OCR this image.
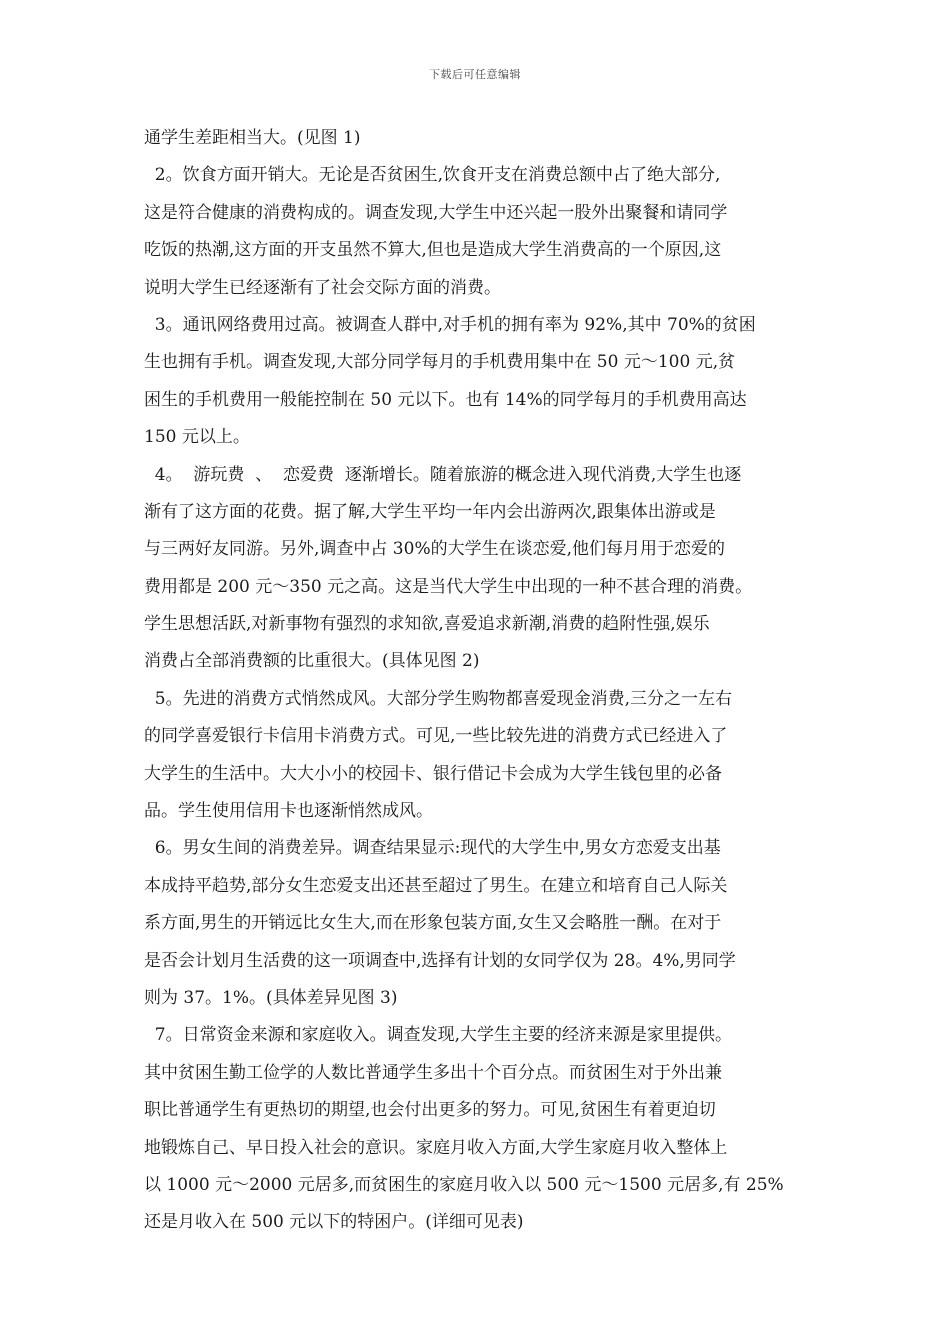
下载后可任意编辑
通学生差距相当大。(见图 1)
2。饮食方面开销大。无论是否贫困生,饮食开支在消费总额中占了绝大部分,
这是符合健康的消费构成的。调查发现,大学生中还兴起一股外出聚餐和请同学
吃饭的热潮,这方面的开支虽然不算大,但也是造成大学生消费高的一个原因,这
说明大学生已经逐渐有了社会交际方面的消费。
3。通讯网络费用过高。被调查人群中,对手机的拥有率为 92%,其中 70%的贫困
生也拥有手机。调查发现,大部分同学每月的手机费用集中在 50 元～100 元,贫
困生的手机费用一般能控制在 50 元以下。也有 14%的同学每月的手机费用高达
150 元以上。
4。  游玩费  、  恋爱费  逐渐增长。随着旅游的概念进入现代消费,大学生也逐
渐有了这方面的花费。据了解,大学生平均一年内会出游两次,跟集体出游或是
与三两好友同游。另外,调查中占 30%的大学生在谈恋爱,他们每月用于恋爱的
费用都是 200 元～350 元之高。这是当代大学生中出现的一种不甚合理的消费。
学生思想活跃,对新事物有强烈的求知欲,喜爱追求新潮,消费的趋附性强,娱乐
消费占全部消费额的比重很大。(具体见图 2)
5。先进的消费方式悄然成风。大部分学生购物都喜爱现金消费,三分之一左右
的同学喜爱银行卡信用卡消费方式。可见,一些比较先进的消费方式已经进入了
大学生的生活中。大大小小的校园卡、银行借记卡会成为大学生钱包里的必备
品。学生使用信用卡也逐渐悄然成风。
6。男女生间的消费差异。调查结果显示:现代的大学生中,男女方恋爱支出基
本成持平趋势,部分女生恋爱支出还甚至超过了男生。在建立和培育自己人际关
系方面,男生的开销远比女生大,而在形象包装方面,女生又会略胜一酬。在对于
是否会计划月生活费的这一项调查中,选择有计划的女同学仅为 28。4%,男同学
则为 37。1%。(具体差异见图 3)
7。日常资金来源和家庭收入。调查发现,大学生主要的经济来源是家里提供。
其中贫困生勤工俭学的人数比普通学生多出十个百分点。而贫困生对于外出兼
职比普通学生有更热切的期望,也会付出更多的努力。可见,贫困生有着更迫切
地锻炼自己、早日投入社会的意识。家庭月收入方面,大学生家庭月收入整体上
以 1000 元～2000 元居多,而贫困生的家庭月收入以 500 元～1500 元居多,有 25%
还是月收入在 500 元以下的特困户。(详细可见表)
